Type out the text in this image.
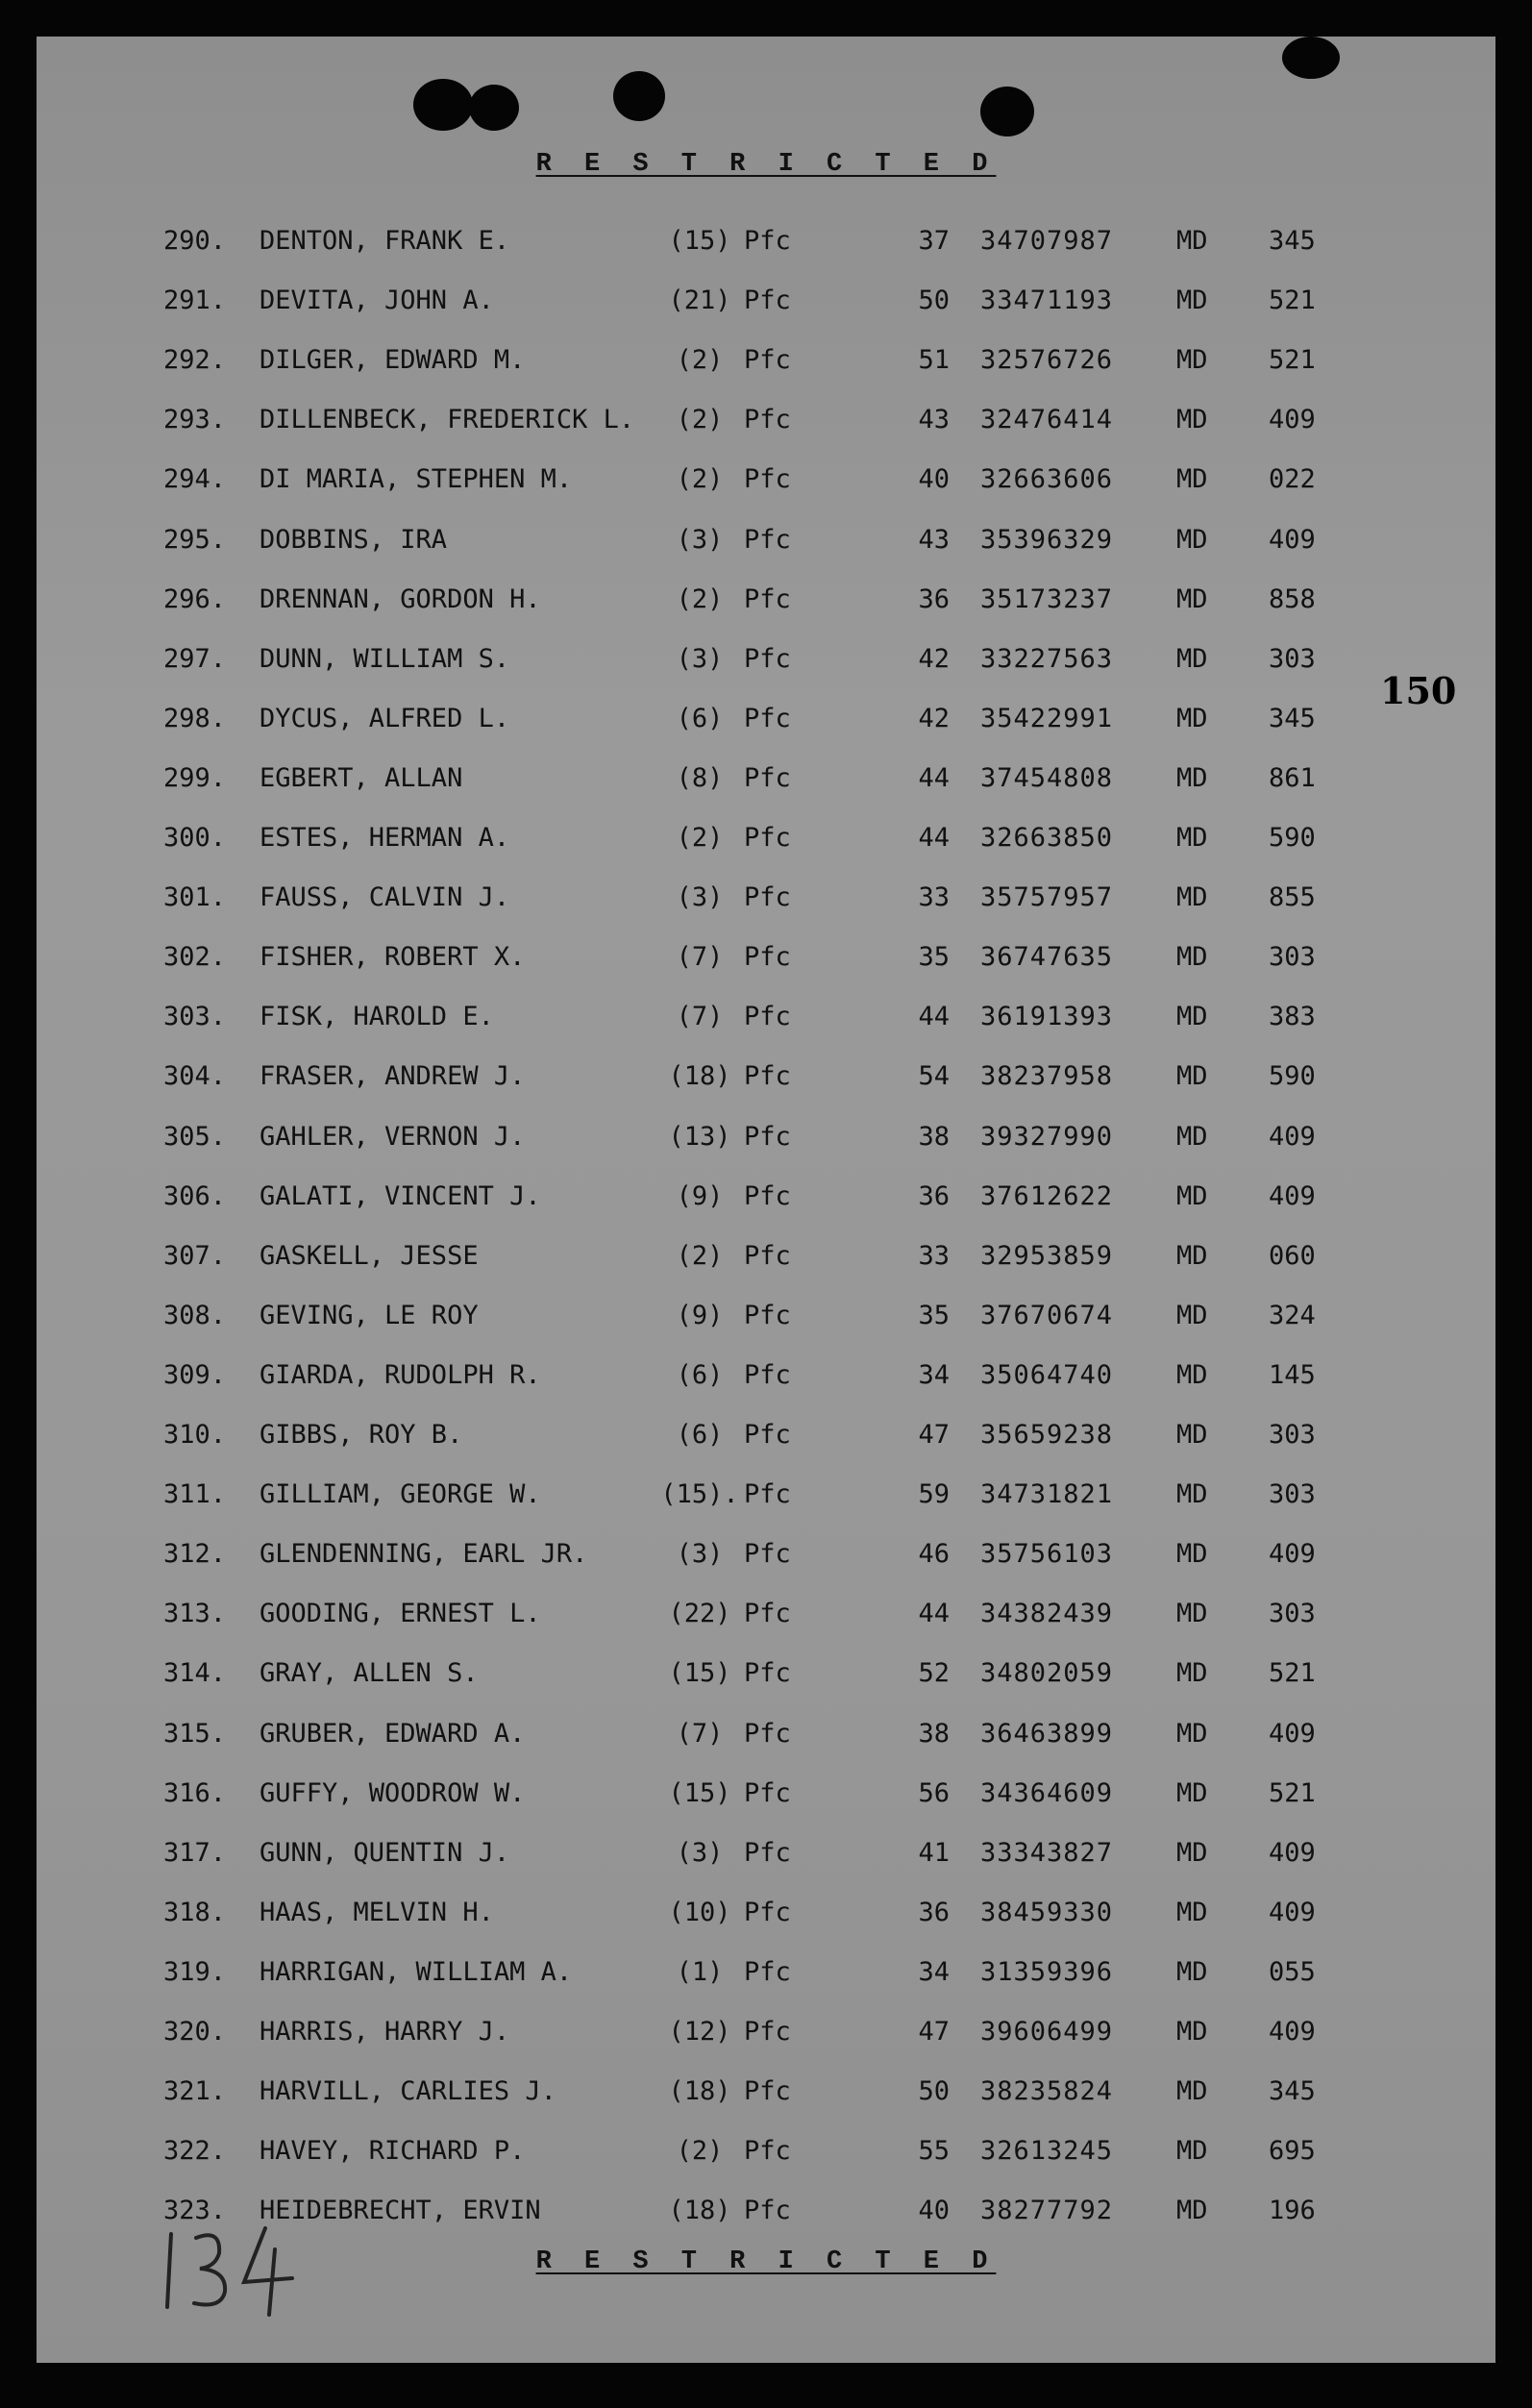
R E S T R I C T E D
290. DENTON, FRANK E.	(15) Pfc	37 34707987 MD 345
291. DEVITA, JOHN A.	(21) Pfc	50 33471193 MD 521
292. DILGER, EDWARD M.	(2) Pfc	51 32576726 MD 521
293. DILLENBECK, FREDERICK L.	(2) Pfc	43 32476414 MD 409
294. DI MARIA, STEPHEN M.	(2) Pfc	40 32663606 MD 022
295. DOBBINS, IRA	(3) Pfc	43 35396329 MD 409
296. DRENNAN, GORDON H.	(2) Pfc	36 35173237 MD 858
297. DUNN, WILLIAM S.	(3) Pfc	42 33227563 MD 303
298. DYCUS, ALFRED L.	(6) Pfc	42 35422991 MD 345
299. EGBERT, ALLAN	(8) Pfc	44 37454808 MD 861
300. ESTES, HERMAN A.	(2) Pfc	44 32663850 MD 590
301. FAUSS, CALVIN J.	(3) Pfc	33 35757957 MD 855
302. FISHER, ROBERT X.	(7) Pfc	35 36747635 MD 303
303. FISK, HAROLD E.	(7) Pfc	44 36191393 MD 383
304. FRASER, ANDREW J.	(18) Pfc	54 38237958 MD 590
305. GAHLER, VERNON J.	(13) Pfc	38 39327990 MD 409
306. GALATI, VINCENT J.	(9) Pfc	36 37612622 MD 409
307. GASKELL, JESSE	(2) Pfc	33 32953859 MD 060
308. GEVING, LE ROY	(9) Pfc	35 37670674 MD 324
309. GIARDA, RUDOLPH R.	(6) Pfc	34 35064740 MD 145
310. GIBBS, ROY B.	(6) Pfc	47 35659238 MD 303
311. GILLIAM, GEORGE W.	(15). Pfc	59 34731821 MD 303
312. GLENDENNING, EARL JR.	(3) Pfc	46 35756103 MD 409
313. GOODING, ERNEST L.	(22) Pfc	44 34382439 MD 303
314. GRAY, ALLEN S.	(15) Pfc	52 34802059 MD 521
315. GRUBER, EDWARD A.	(7) Pfc	38 36463899 MD 409
316. GUFFY, WOODROW W.	(15) Pfc	56 34364609 MD 521
317. GUNN, QUENTIN J.	(3) Pfc	41 33343827 MD 409
318. HAAS, MELVIN H.	(10) Pfc	36 38459330 MD 409
319. HARRIGAN, WILLIAM A.	(1) Pfc	34 31359396 MD 055
320. HARRIS, HARRY J.	(12) Pfc	47 39606499 MD 409
321. HARVILL, CARLIES J.	(18) Pfc	50 38235824 MD 345
322. HAVEY, RICHARD P.	(2) Pfc	55 32613245 MD 695
323. HEIDEBRECHT, ERVIN	(18) Pfc	40 38277792 MD 196
150
R E S T R I C T E D
